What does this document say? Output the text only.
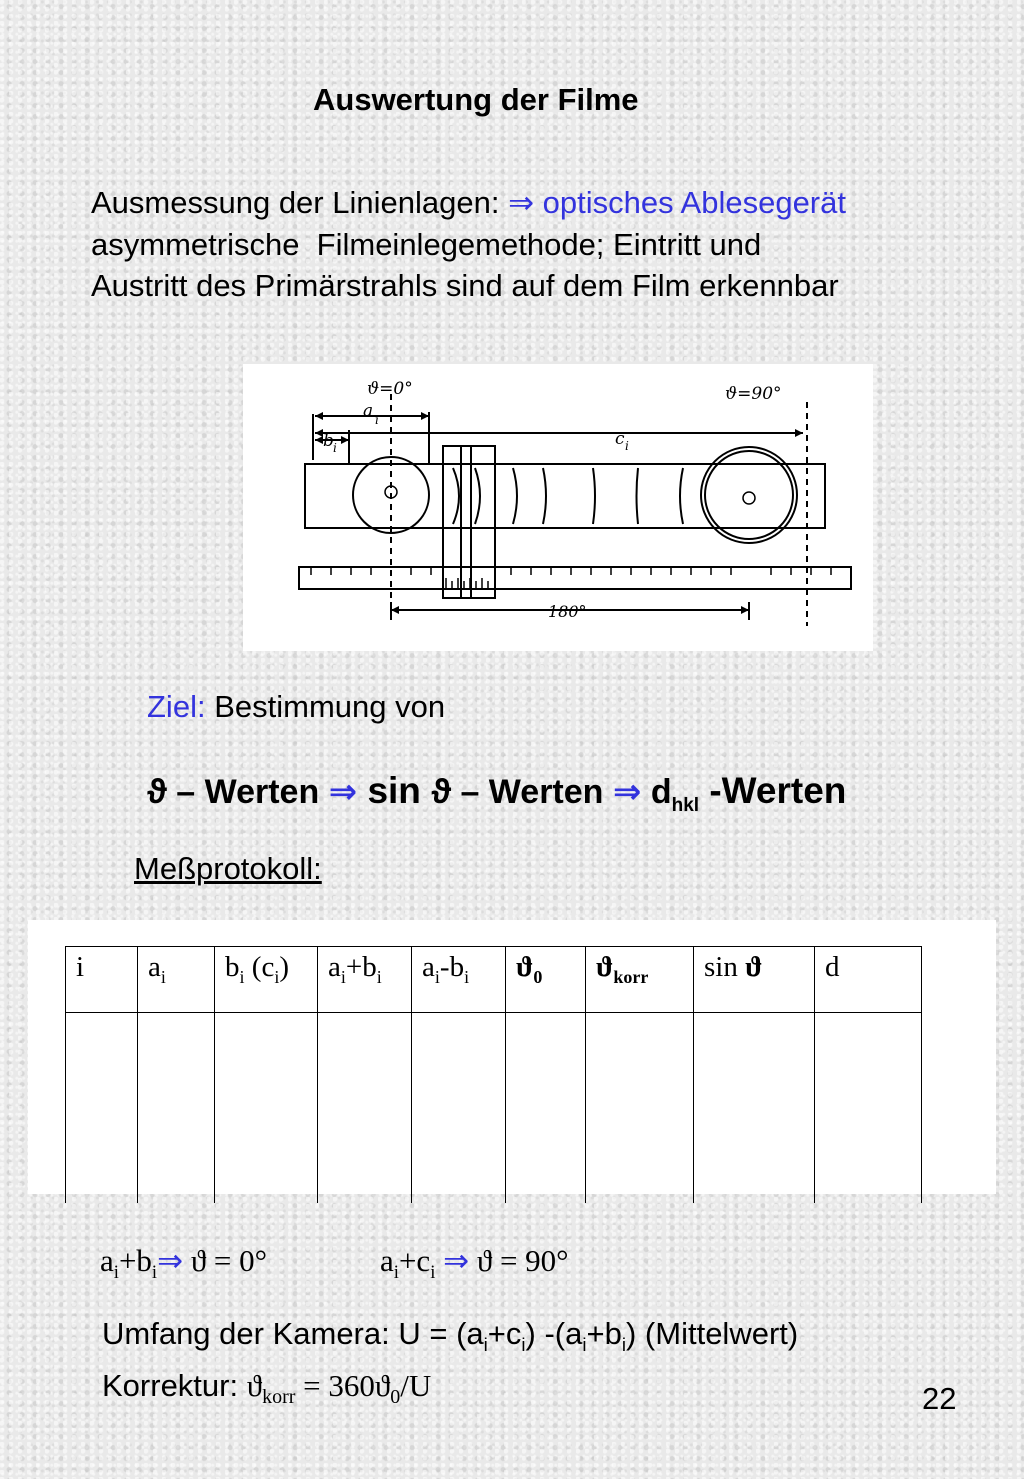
Auswertung der Filme
Ausmessung der Linienlagen: ⇒ optisches Ablesegerät
asymmetrische  Filmeinlegemethode; Eintritt und
Austritt des Primärstrahls sind auf dem Film erkennbar
ϑ=0°	ϑ=90°
a i
b i	c i
180°
Ziel: Bestimmung von
ϑ – Werten ⇒ sin ϑ – Werten ⇒ $d_{hkl}$ -Werten
Meßprotokoll:
i	$a_i$	$b_i$ $(c_i)$	$a_i+b_i$	$a_i-b_i$	$ϑ_0$	$ϑ_{korr}$	sin ϑ	d

$a_i+b_i\Rightarrow$ ϑ = 0°	$a_i+c_i$ ⇒ ϑ = 90°
Umfang der Kamera: $U = (a_i+c_i)$ $-(a_i+b_i)$ (Mittelwert)
Korrektur: $ϑ_{korr} = 360ϑ_0/U$	22
